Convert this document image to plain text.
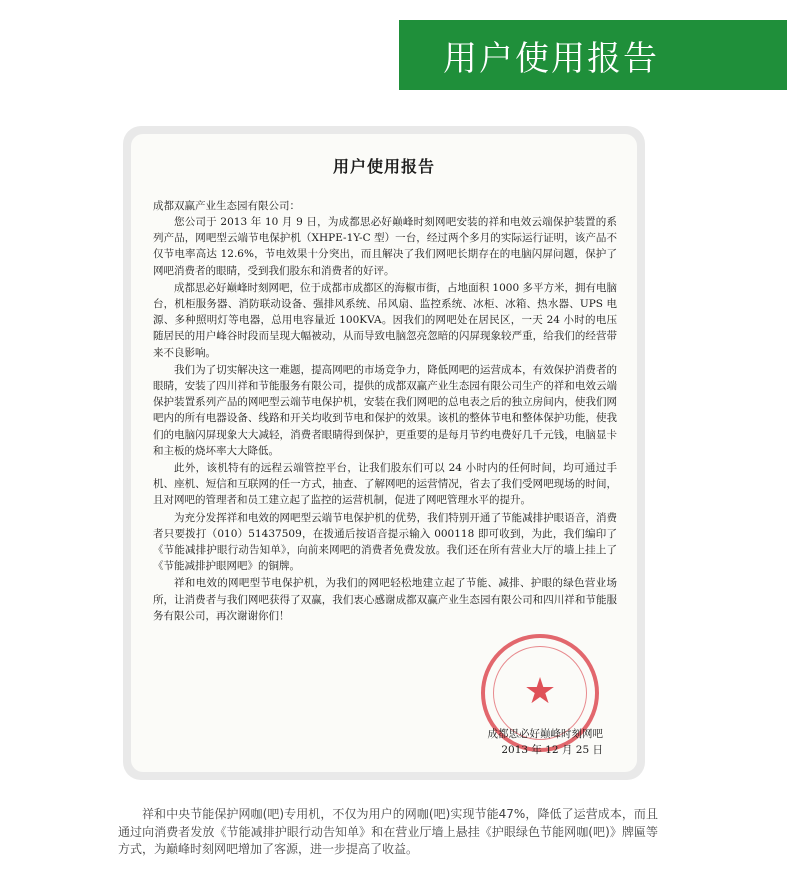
用户使用报告
用户使用报告
成都双赢产业生态园有限公司：

您公司于 2013 年 10 月 9 日，为成都思必好巅峰时刻网吧安装的祥和电效云端保护装置的系列产品，网吧型云端节电保护机（XHPE-1Y-C 型）一台，经过两个多月的实际运行证明，该产品不仅节电率高达 12.6%，节电效果十分突出，而且解决了我们网吧长期存在的电脑闪屏问题，保护了网吧消费者的眼睛，受到我们股东和消费者的好评。

成都思必好巅峰时刻网吧，位于成都市成都区的海椒市街，占地面积 1000 多平方米，拥有电脑 台，机柜服务器、消防联动设备、强排风系统、吊风扇、监控系统、冰柜、冰箱、热水器、UPS 电源、多种照明灯等电器，总用电容量近 100KVA。因我们的网吧处在居民区，一天 24 小时的电压随居民的用户峰谷时段而呈现大幅被动，从而导致电脑忽亮忽暗的闪屏现象较严重，给我们的经营带来不良影响。

我们为了切实解决这一难题，提高网吧的市场竞争力，降低网吧的运营成本，有效保护消费者的眼睛，安装了四川祥和节能服务有限公司，提供的成都双赢产业生态园有限公司生产的祥和电效云端保护装置系列产品的网吧型云端节电保护机，安装在我们网吧的总电表之后的独立房间内，使我们网吧内的所有电器设备、线路和开关均收到节电和保护的效果。该机的整体节电和整体保护功能，使我们的电脑闪屏现象大大减轻，消费者眼睛得到保护，更重要的是每月节约电费好几千元钱，电脑显卡和主板的烧坏率大大降低。

此外，该机特有的远程云端管控平台，让我们股东们可以 24 小时内的任何时间，均可通过手机、座机、短信和互联网的任一方式，抽查、了解网吧的运营情况，省去了我们受网吧现场的时间，且对网吧的管理者和员工建立起了监控的运营机制，促进了网吧管理水平的提升。

为充分发挥祥和电效的网吧型云端节电保护机的优势，我们特别开通了节能减排护眼语音，消费者只要拨打（010）51437509，在拨通后按语音提示输入 000118 即可收到，为此，我们编印了《节能减排护眼行动告知单》，向前来网吧的消费者免费发放。我们还在所有营业大厅的墙上挂上了《节能减排护眼网吧》的铜牌。

祥和电效的网吧型节电保护机，为我们的网吧轻松地建立起了节能、减排、护眼的绿色营业场所，让消费者与我们网吧获得了双赢，我们衷心感谢成都双赢产业生态园有限公司和四川祥和节能服务有限公司，再次谢谢你们！

★
成都思必好巅峰时刻网吧
2013 年 12 月 25 日

祥和中央节能保护网咖(吧)专用机，不仅为用户的网咖(吧)实现节能47%，降低了运营成本，而且通过向消费者发放《节能减排护眼行动告知单》和在营业厅墙上悬挂《护眼绿色节能网咖(吧)》牌匾等方式，为巅峰时刻网吧增加了客源，进一步提高了收益。
